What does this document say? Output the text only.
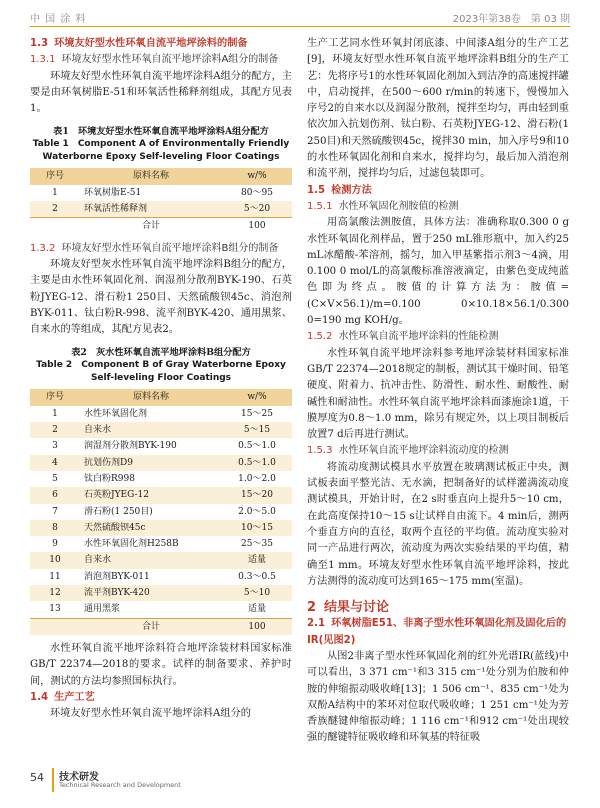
中 国 涂 料	2023年第38卷　第 03 期
1.3 环境友好型水性环氧自流平地坪涂料的制备
1.3.1 环境友好型水性环氧自流平地坪涂料A组分的制备

环境友好型水性环氧自流平地坪涂料A组分的配方，主要是由环氧树脂E-51和环氧活性稀释剂组成，其配方见表1。

表1　环境友好型水性环氧自流平地坪涂料A组分配方
Table 1　Component A of Environmentally Friendly
Waterborne Epoxy Self-leveling Floor Coatings
序号	原料名称	w/%
1	环氧树脂E-51	80～95
2	环氧活性稀释剂	5～20
	合计	100
1.3.2 环境友好型水性环氧自流平地坪涂料B组分的制备

环境友好型灰水性环氧自流平地坪涂料B组分的配方，主要是由水性环氧固化剂、润湿剂分散剂BYK-190、石英粉JYEG-12、滑石粉1 250目、天然硫酸钡45c、消泡剂BYK-011、钛白粉R-998、流平剂BYK-420、通用黑浆、自来水的等组成，其配方见表2。

表2　灰水性环氧自流平地坪涂料B组分配方
Table 2　Component B of Gray Waterborne Epoxy
Self-leveling Floor Coatings
序号	原料名称	w/%
1	水性环氧固化剂	15～25
2	自来水	5～15
3	润湿剂分散剂BYK-190	0.5～1.0
4	抗划伤剂D9	0.5～1.0
5	钛白粉R998	1.0～2.0
6	石英粉JYEG-12	15～20
7	滑石粉(1 250目)	2.0～5.0
8	天然硫酸钡45c	10～15
9	水性环氧固化剂H258B	25～35
10	自来水	适量
11	消泡剂BYK-011	0.3～0.5
12	流平剂BYK-420	5～10
13	通用黑浆	适量
	合计	100

水性环氧自流平地坪涂料符合地坪涂装材料国家标准GB/T 22374—2018的要求。试样的制备要求、养护时间，测试的方法均参照国标执行。

1.4 生产工艺

环境友好型水性环氧自流平地坪涂料A组分的

生产工艺同水性环氧封闭底漆、中间漆A组分的生产工艺[9]，环境友好型水性环氧自流平地坪涂料B组分的生产工艺：先将序号1的水性环氧固化剂加入到洁净的高速搅拌罐中，启动搅拌，在500～600 r/min的转速下，慢慢加入序号2的自来水以及润湿分散剂，搅拌至均匀，再由轻到重依次加入抗划伤剂、钛白粉、石英粉JYEG-12、滑石粉(1 250目)和天然硫酸钡45c，搅拌30 min，加入序号9和10的水性环氧固化剂和自来水，搅拌均匀，最后加入消泡剂和流平剂，搅拌均匀后，过滤包装即可。

1.5 检测方法
1.5.1 水性环氧固化剂胺值的检测

用高氯酸法测胺值，具体方法：准确称取0.300 0 g水性环氧固化剂样品，置于250 mL锥形瓶中，加入约25 mL冰醋酸-苯溶剂，摇匀，加入甲基紫指示剂3～4滴，用 0.100 0 mol/L的高氯酸标准溶液滴定，由紫色变成纯蓝色即为终点。胺值的计算方法为：胺值=(C×V×56.1)/m=0.100 0×10.18×56.1/0.300 0=190 mg KOH/g。

1.5.2 水性环氧自流平地坪涂料的性能检测

水性环氧自流平地坪涂料参考地坪涂装材料国家标准GB/T 22374—2018规定的制板，测试其干燥时间、铅笔硬度、附着力、抗冲击性、防滑性、耐水性、耐酸性、耐碱性和耐油性。水性环氧自流平地坪涂料面漆施涂1道，干膜厚度为0.8～1.0 mm，除另有规定外，以上项目制板后放置7 d后再进行测试。

1.5.3 水性环氧自流平地坪涂料流动度的检测

将流动度测试模具水平放置在玻璃测试板正中央，测试板表面平整光洁、无水滴，把制备好的试样灌满流动度测试模具，开始计时，在2 s时垂直向上提升5～10 cm，在此高度保持10～15 s让试样自由流下。4 min后，测两个垂直方向的直径，取两个直径的平均值。流动度实验对同一产品进行两次，流动度为两次实验结果的平均值，精确至1 mm。环境友好型水性环氧自流平地坪涂料，按此方法测得的流动度可达到165～175 mm(室温)。

2 结果与讨论
2.1 环氧树脂E51、非离子型水性环氧固化剂及固化后的IR(见图2)

从图2非离子型水性环氧固化剂的红外光谱IR(蓝线)中可以看出，3 371 cm⁻¹和3 315 cm⁻¹处分别为伯胺和仲胺的伸缩振动吸收峰[13]；1 506 cm⁻¹、835 cm⁻¹处为双酚A结构中的苯环对位取代吸收峰；1 251 cm⁻¹处为芳香族醚键伸缩振动峰；1 116 cm⁻¹和912 cm⁻¹处出现较强的醚键特征吸收峰和环氧基的特征吸

54 技术研发
Technical Research and Development
